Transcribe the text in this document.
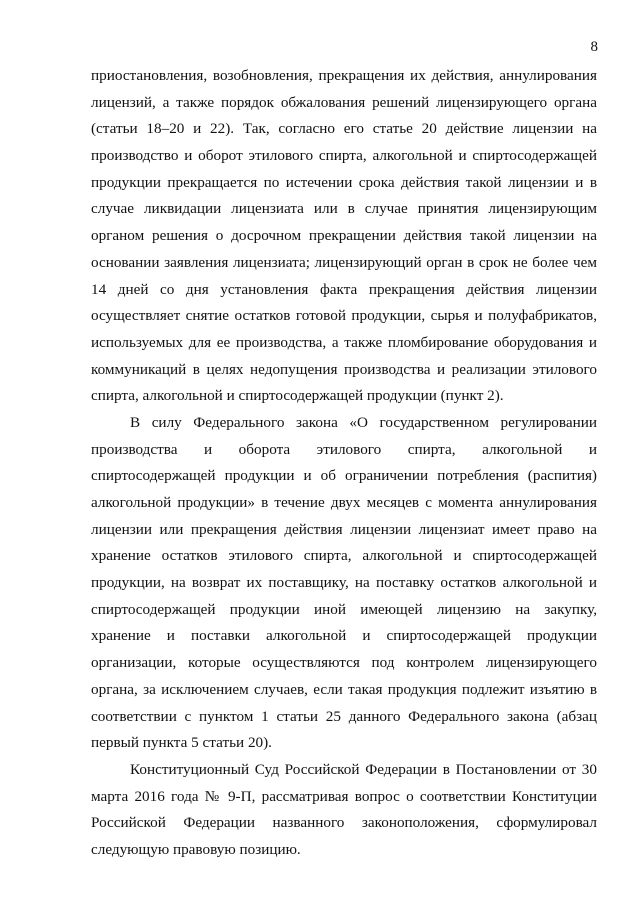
8
приостановления, возобновления, прекращения их действия, аннулирования
лицензий, а также порядок обжалования решений лицензирующего органа
(статьи 18–20 и 22). Так, согласно его статье 20 действие лицензии на
производство и оборот этилового спирта, алкогольной и спиртосодержащей
продукции прекращается по истечении срока действия такой лицензии и в
случае ликвидации лицензиата или в случае принятия лицензирующим
органом решения о досрочном прекращении действия такой лицензии на
основании заявления лицензиата; лицензирующий орган в срок не более чем
14 дней со дня установления факта прекращения действия лицензии
осуществляет снятие остатков готовой продукции, сырья и полуфабрикатов,
используемых для ее производства, а также пломбирование оборудования и
коммуникаций в целях недопущения производства и реализации этилового
спирта, алкогольной и спиртосодержащей продукции (пункт 2).
В силу Федерального закона «О государственном регулировании
производства и оборота этилового спирта, алкогольной и
спиртосодержащей продукции и об ограничении потребления (распития)
алкогольной продукции» в течение двух месяцев с момента аннулирования
лицензии или прекращения действия лицензии лицензиат имеет право на
хранение остатков этилового спирта, алкогольной и спиртосодержащей
продукции, на возврат их поставщику, на поставку остатков алкогольной и
спиртосодержащей продукции иной имеющей лицензию на закупку,
хранение и поставки алкогольной и спиртосодержащей продукции
организации, которые осуществляются под контролем лицензирующего
органа, за исключением случаев, если такая продукция подлежит изъятию в
соответствии с пунктом 1 статьи 25 данного Федерального закона (абзац
первый пункта 5 статьи 20).
Конституционный Суд Российской Федерации в Постановлении от 30
марта 2016 года № 9-П, рассматривая вопрос о соответствии Конституции
Российской Федерации названного законоположения, сформулировал
следующую правовую позицию.
